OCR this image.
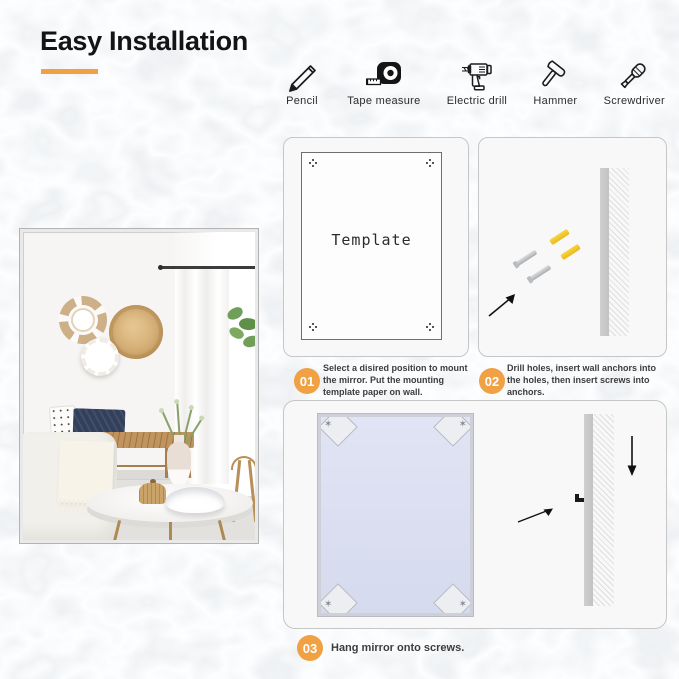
Easy Installation
Pencil	Tape measure Electric drill Hammer Screwdriver
Template
01
Select a disired position to mount the mirror. Put the mounting template paper on wall.
02
Drill holes, insert wall anchors into the holes, then insert screws into anchors.
✶	✶
✶	✶
03 Hang mirror onto screws.
